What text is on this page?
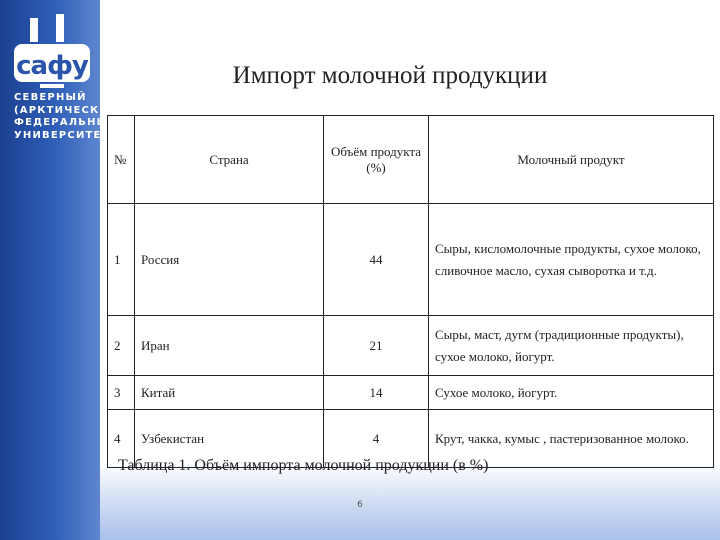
сафу
СЕВЕРНЫЙ
(АРКТИЧЕСКИЙ)
ФЕДЕРАЛЬНЫЙ
УНИВЕРСИТЕТ
Импорт молочной продукции
№	Страна	Объём продукта (%)	Молочный продукт
1	Россия	44	Сыры, кисломолочные продукты, сухое молоко, сливочное масло, сухая сыворотка и т.д.
2	Иран	21	Сыры, маст, дугм (традиционные продукты), сухое молоко, йогурт.
3	Китай	14	Сухое молоко, йогурт.
4	Узбекистан	4	Крут, чакка, кумыс , пастеризованное молоко.
Таблица 1. Объём импорта молочной продукции (в %)
6
